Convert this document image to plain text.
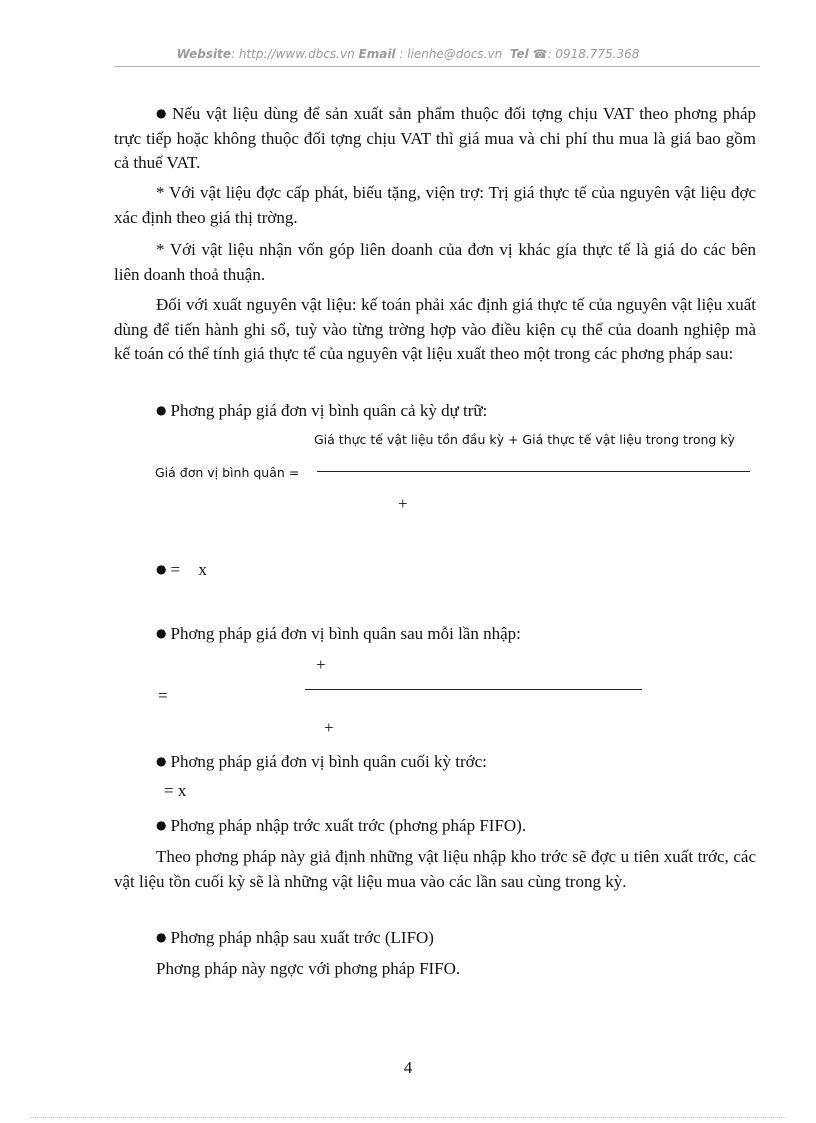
Website: http://www.dbcs.vn Email : lienhe@docs.vn Tel ☎: 0918.775.368
● Nếu vật liệu dùng để sản xuất sản phẩm thuộc đối tợng chịu VAT theo phơng pháp trực tiếp hoặc không thuộc đối tợng chịu VAT thì giá mua và chi phí thu mua là giá bao gồm cả thuế VAT.
* Với vật liệu đợc cấp phát, biếu tặng, viện trợ: Trị giá thực tế của nguyên vật liệu đợc xác định theo giá thị trờng.
* Với vật liệu nhận vốn góp liên doanh của đơn vị khác gía thực tế là giá do các bên liên doanh thoả thuận.
Đối với xuất nguyên vật liệu: kế toán phải xác định giá thực tế của nguyên vật liệu xuất dùng để tiến hành ghi sổ, tuỳ vào từng trờng hợp vào điều kiện cụ thể của doanh nghiệp mà kế toán có thể tính giá thực tế của nguyên vật liệu xuất theo một trong các phơng pháp sau:
● Phơng pháp giá đơn vị bình quân cả kỳ dự trữ:
Giá thực tế vật liệu tồn đầu kỳ + Giá thực tế vật liệu trong trong kỳ
Giá đơn vị bình quân =
+
● = x
● Phơng pháp giá đơn vị bình quân sau mỗi lần nhập:
+
=
+
● Phơng pháp giá đơn vị bình quân cuối kỳ trớc:
= x
● Phơng pháp nhập trớc xuất trớc (phơng pháp FIFO).
Theo phơng pháp này giả định những vật liệu nhập kho trớc sẽ đợc u tiên xuất trớc, các vật liệu tồn cuối kỳ sẽ là những vật liệu mua vào các lần sau cùng trong kỳ.
● Phơng pháp nhập sau xuất trớc (LIFO)
Phơng pháp này ngợc với phơng pháp FIFO.
4
